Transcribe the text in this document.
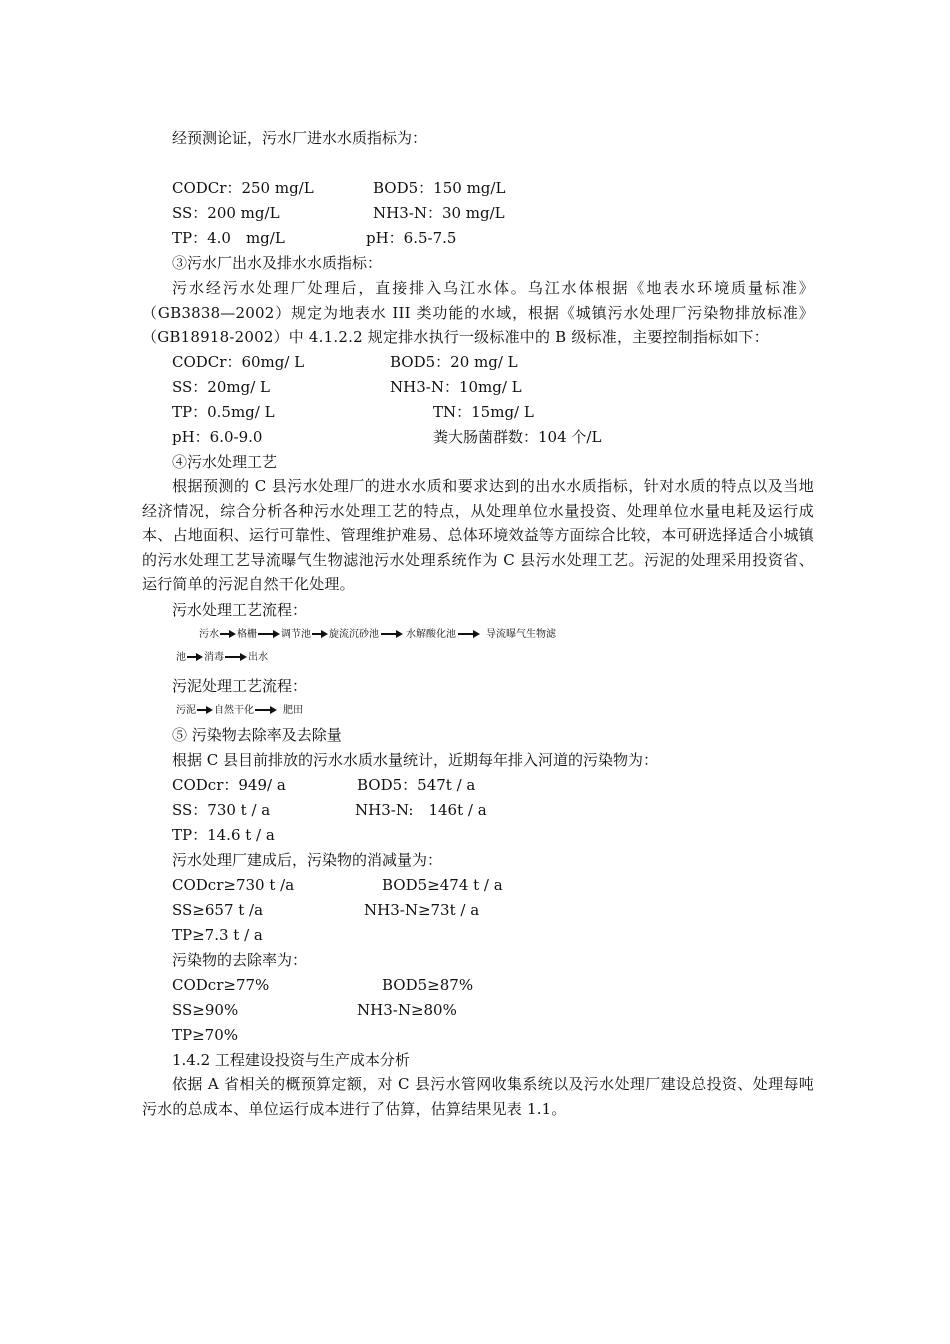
经预测论证，污水厂进水水质指标为：
CODCr：250 mg/L	BOD5：150 mg/L
SS：200 mg/L	NH3-N：30 mg/L
TP：4.0　mg/L	pH：6.5-7.5
③污水厂出水及排水水质指标：
污水经污水处理厂处理后，直接排入乌江水体。乌江水体根据《地表水环境质量标准》（GB3838—2002）规定为地表水 III 类功能的水域，根据《城镇污水处理厂污染物排放标准》（GB18918-2002）中 4.1.2.2 规定排水执行一级标准中的 B 级标准，主要控制指标如下：
CODCr：60mg/ L	BOD5：20 mg/ L
SS：20mg/ L	NH3-N：10mg/ L
TP：0.5mg/ L	TN：15mg/ L
pH：6.0-9.0	粪大肠菌群数：104 个/L
④污水处理工艺
根据预测的 C 县污水处理厂的进水水质和要求达到的出水水质指标，针对水质的特点以及当地经济情况，综合分析各种污水处理工艺的特点，从处理单位水量投资、处理单位水量电耗及运行成本、占地面积、运行可靠性、管理维护难易、总体环境效益等方面综合比较，本可研选择适合小城镇的污水处理工艺导流曝气生物滤池污水处理系统作为 C 县污水处理工艺。污泥的处理采用投资省、运行简单的污泥自然干化处理。
污水处理工艺流程：
污水 格栅 调节池 旋流沉砂池	水解酸化池	导流曝气生物滤
池 消毒 出水
污泥处理工艺流程：
污泥 自然干化	肥田
⑤ 污染物去除率及去除量
根据 C 县目前排放的污水水质水量统计，近期每年排入河道的污染物为：
CODcr：949/ a	BOD5：547t / a
SS：730 t / a	NH3-N:　146t / a
TP：14.6 t / a
污水处理厂建成后，污染物的消减量为：
CODcr≥730 t /a	BOD5≥474 t / a
SS≥657 t /a	NH3-N≥73t / a
TP≥7.3 t / a
污染物的去除率为：
CODcr≥77%	BOD5≥87%
SS≥90%	NH3-N≥80%
TP≥70%
1.4.2 工程建设投资与生产成本分析
依据 A 省相关的概预算定额，对 C 县污水管网收集系统以及污水处理厂建设总投资、处理每吨污水的总成本、单位运行成本进行了估算，估算结果见表 1.1。
